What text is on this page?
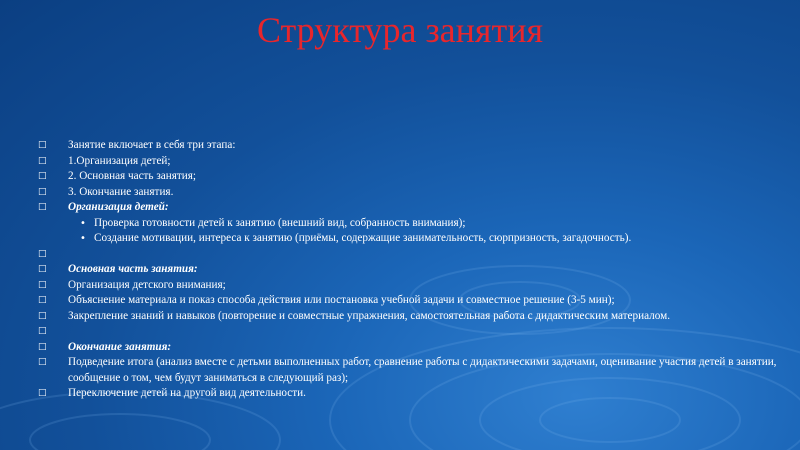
Структура занятия
□	Занятие включает в себя три этапа:
□	1.Организация детей;
□	2. Основная часть занятия;
□	3. Окончание занятия.
□	Организация детей:
• Проверка готовности детей к занятию (внешний вид, собранность внимания);
• Создание мотивации, интереса к занятию (приёмы, содержащие занимательность, сюрпризность, загадочность).
□
□	Основная часть занятия:
□	Организация детского внимания;
□	Объяснение материала и показ способа действия или постановка учебной задачи и совместное решение (3-5 мин);
□	Закрепление знаний и навыков (повторение и совместные упражнения, самостоятельная работа с дидактическим материалом.
□
□	Окончание занятия:
□	Подведение итога (анализ вместе с детьми выполненных работ, сравнение работы с дидактическими задачами, оценивание участия детей в занятии, сообщение о том, чем будут заниматься в следующий раз);
□	Переключение детей на другой вид деятельности.
